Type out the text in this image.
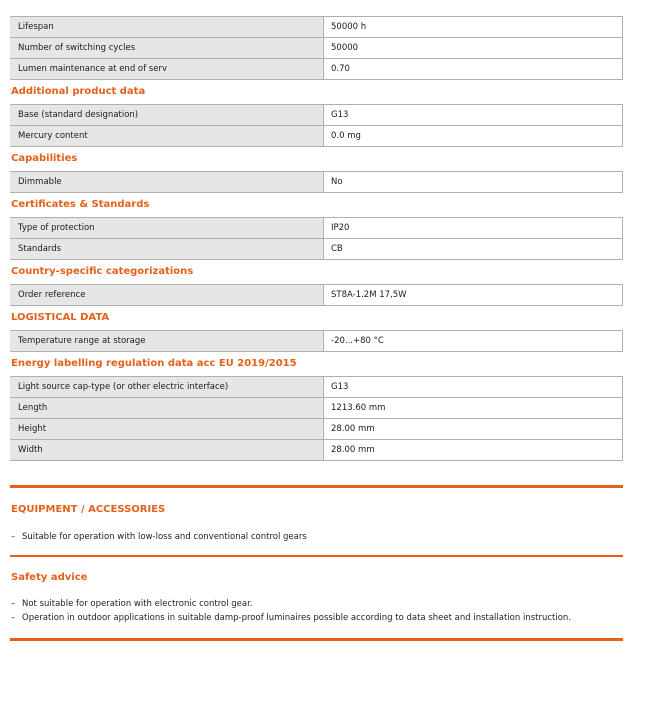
Lifespan	50000 h
Number of switching cycles	50000
Lumen maintenance at end of serv	0.70
Additional product data
Base (standard designation)	G13
Mercury content	0.0 mg
Capabilities
Dimmable	No
Certificates & Standards
Type of protection	IP20
Standards	CB
Country-specific categorizations
Order reference	ST8A-1.2M 17,5W
LOGISTICAL DATA
Temperature range at storage	-20...+80 °C
Energy labelling regulation data acc EU 2019/2015
Light source cap-type (or other electric interface)	G13
Length	1213.60 mm
Height	28.00 mm
Width	28.00 mm
EQUIPMENT / ACCESSORIES
– Suitable for operation with low-loss and conventional control gears
Safety advice
– Not suitable for operation with electronic control gear.
– Operation in outdoor applications in suitable damp-proof luminaires possible according to data sheet and installation instruction.
